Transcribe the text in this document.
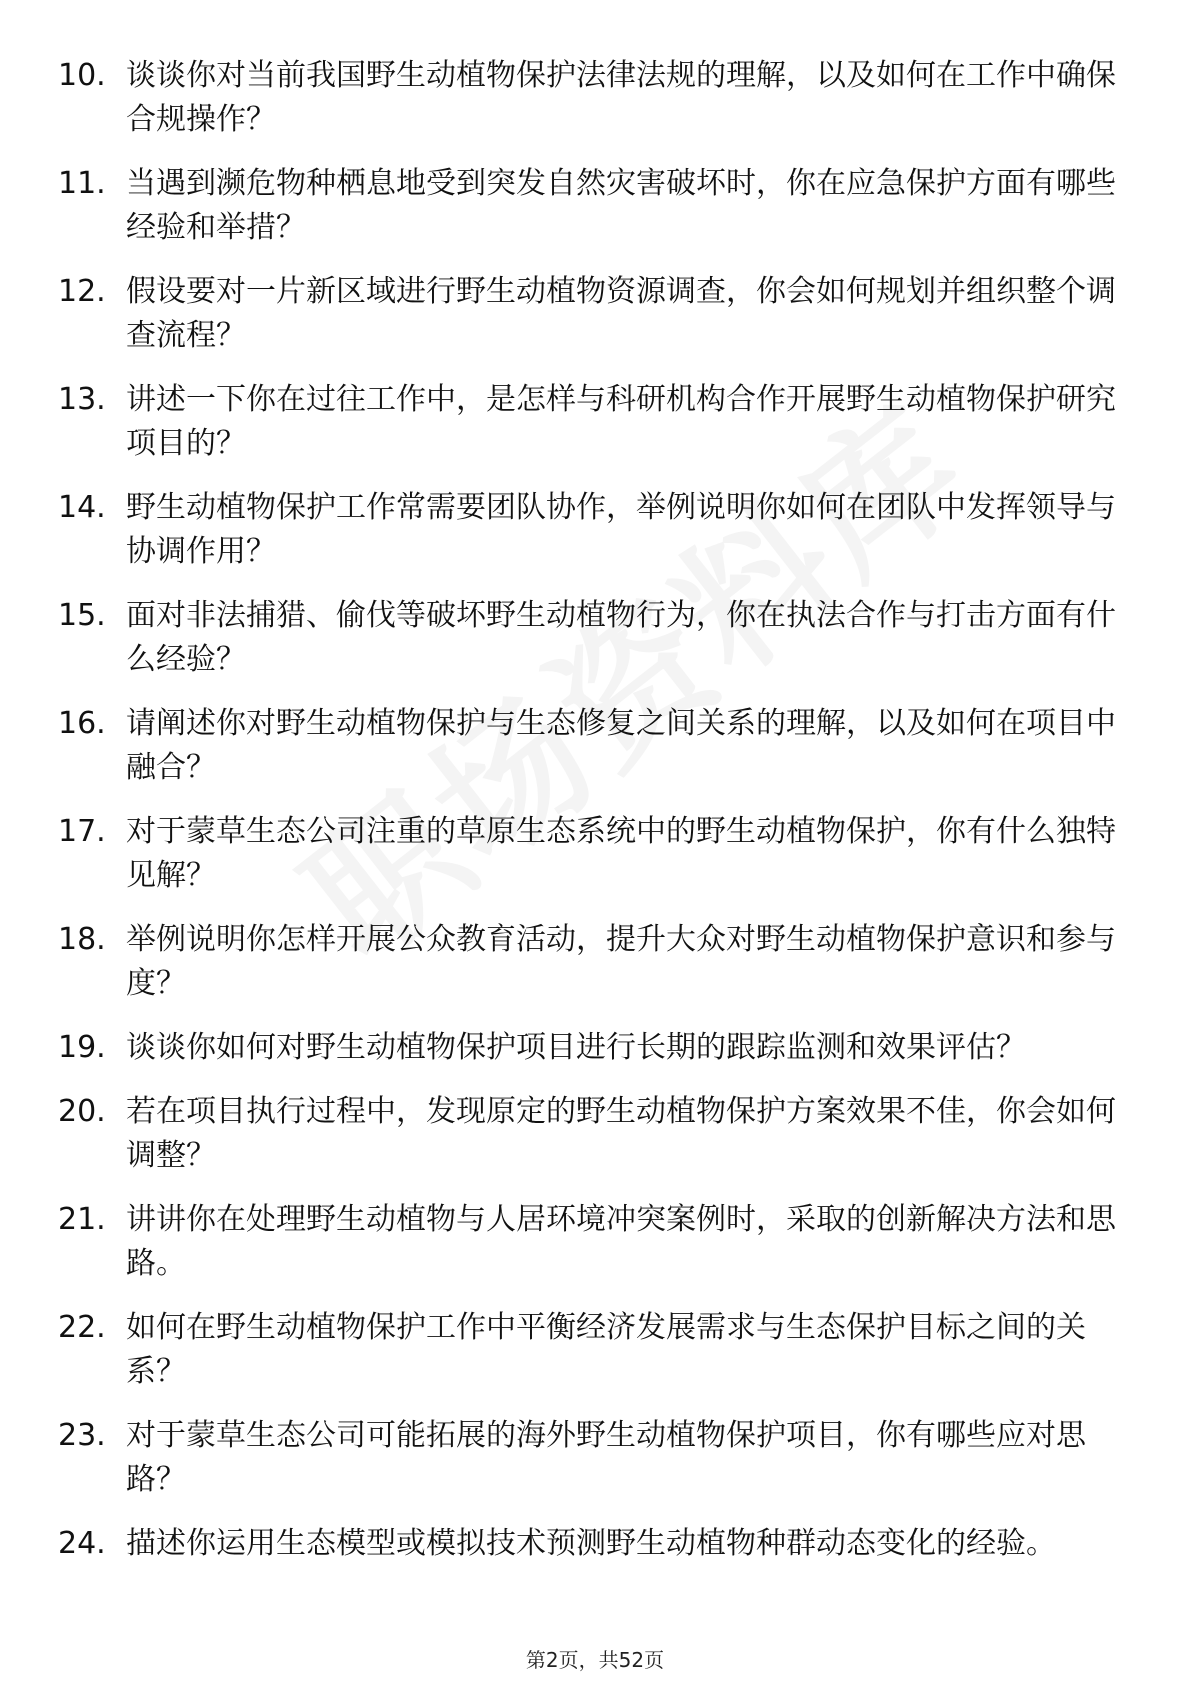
10. 谈谈你对当前我国野生动植物保护法律法规的理解，以及如何在工作中确保合规操作？
11. 当遇到濒危物种栖息地受到突发自然灾害破坏时，你在应急保护方面有哪些经验和举措？
12. 假设要对一片新区域进行野生动植物资源调查，你会如何规划并组织整个调查流程？
13. 讲述一下你在过往工作中，是怎样与科研机构合作开展野生动植物保护研究项目的？
14. 野生动植物保护工作常需要团队协作，举例说明你如何在团队中发挥领导与协调作用？
15. 面对非法捕猎、偷伐等破坏野生动植物行为，你在执法合作与打击方面有什么经验？
16. 请阐述你对野生动植物保护与生态修复之间关系的理解，以及如何在项目中融合？
17. 对于蒙草生态公司注重的草原生态系统中的野生动植物保护，你有什么独特见解？
18. 举例说明你怎样开展公众教育活动，提升大众对野生动植物保护意识和参与度？
19. 谈谈你如何对野生动植物保护项目进行长期的跟踪监测和效果评估？
20. 若在项目执行过程中，发现原定的野生动植物保护方案效果不佳，你会如何调整？
21. 讲讲你在处理野生动植物与人居环境冲突案例时，采取的创新解决方法和思路。
22. 如何在野生动植物保护工作中平衡经济发展需求与生态保护目标之间的关系？
23. 对于蒙草生态公司可能拓展的海外野生动植物保护项目，你有哪些应对思路？
24. 描述你运用生态模型或模拟技术预测野生动植物种群动态变化的经验。
第2页，共52页
